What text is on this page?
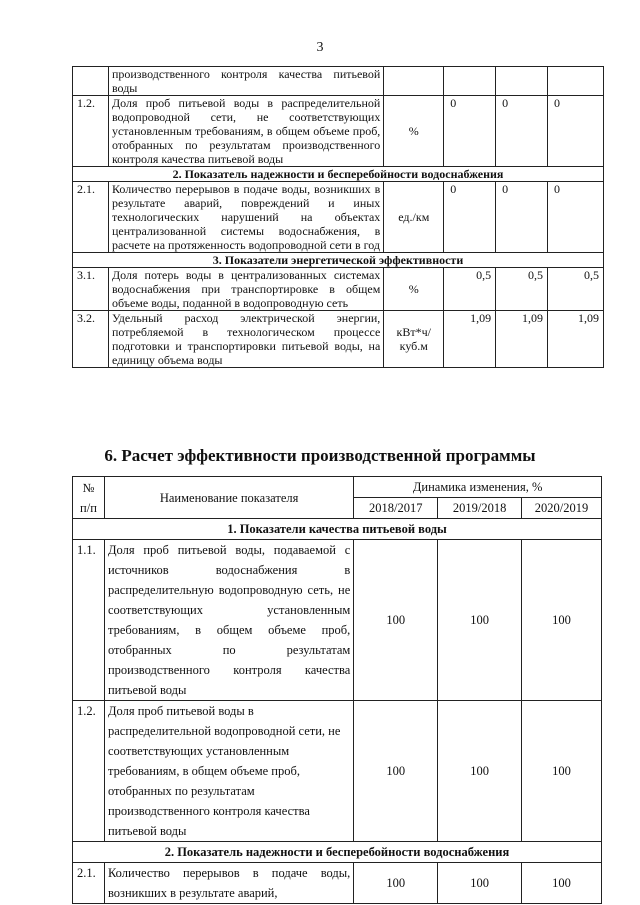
3
	производственного контроля качества питьевой воды				
1.2.	Доля проб питьевой воды в распределительной водопроводной сети, не соответствующих установленным требованиям, в общем объеме проб, отобранных по результатам производственного контроля качества питьевой воды	%	0	0	0
2. Показатель надежности и бесперебойности водоснабжения					
2.1.	Количество перерывов в подаче воды, возникших в результате аварий, повреждений и иных технологических нарушений на объектах централизованной системы водоснабжения, в расчете на протяженность водопроводной сети в год	ед./км	0	0	0
3. Показатели энергетической эффективности					
3.1.	Доля потерь воды в централизованных системах водоснабжения при транспортировке в общем объеме воды, поданной в водопроводную сеть	%	0,5	0,5	0,5
3.2.	Удельный расход электрической энергии, потребляемой в технологическом процессе подготовки и транспортировки питьевой воды, на единицу объема воды	кВт*ч/ куб.м	1,09	1,09	1,09
6. Расчет эффективности производственной программы
№ п/п	Наименование показателя	Динамика изменения, %		
		2018/2017	2019/2018	2020/2019
1. Показатели качества питьевой воды				
1.1.	Доля проб питьевой воды, подаваемой с источников водоснабжения в распределительную водопроводную сеть, не соответствующих установленным требованиям, в общем объеме проб, отобранных по результатам производственного контроля качества питьевой воды	100	100	100
1.2.	Доля проб питьевой воды в распределительной водопроводной сети, не соответствующих установленным требованиям, в общем объеме проб, отобранных по результатам производственного контроля качества питьевой воды	100	100	100
2. Показатель надежности и бесперебойности водоснабжения				
2.1.	Количество перерывов в подаче воды, возникших в результате аварий,	100	100	100
